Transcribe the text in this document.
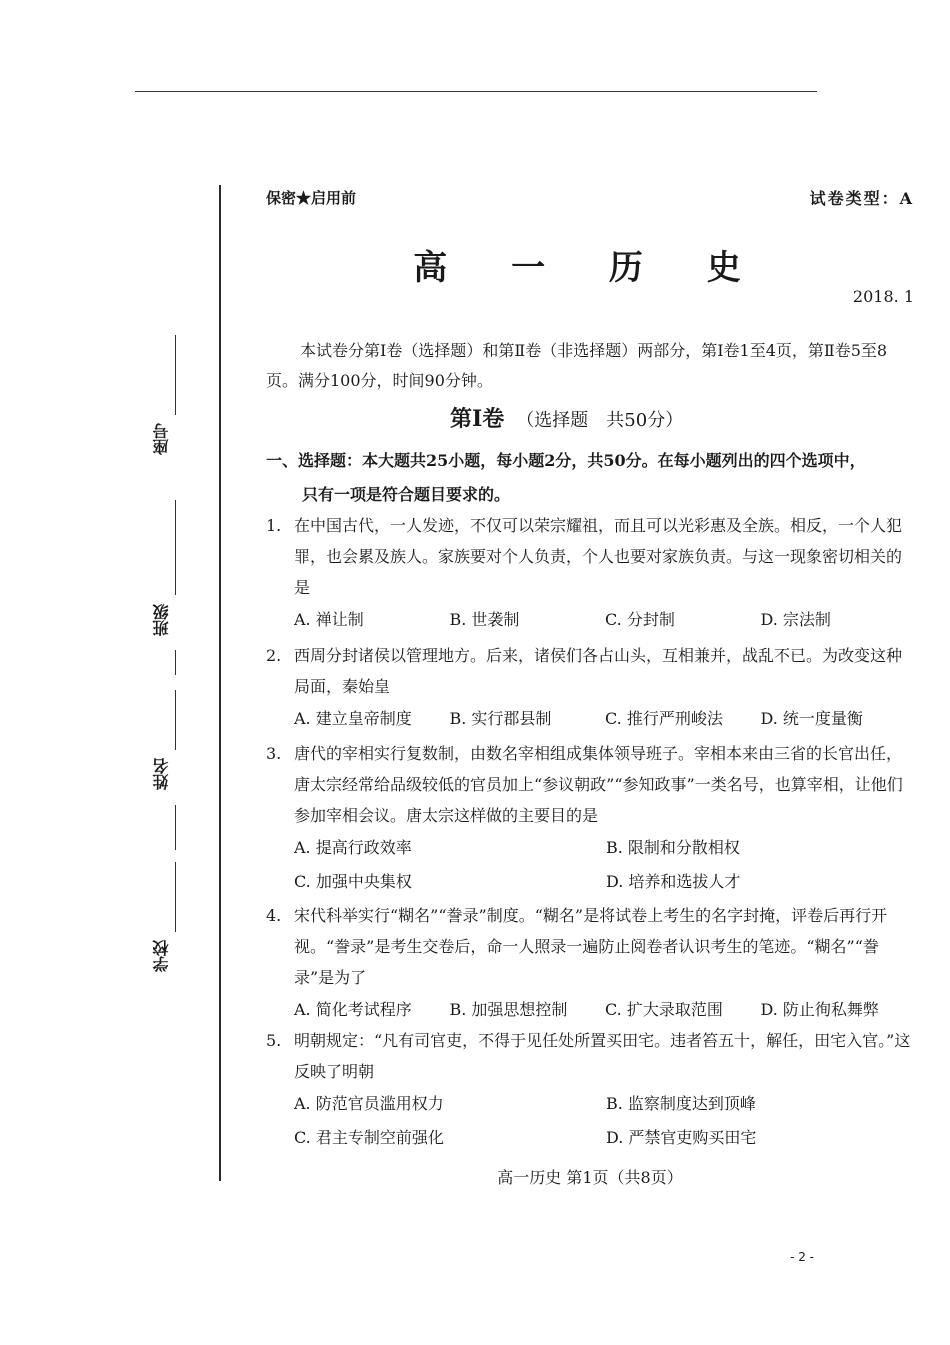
座号
班级
姓名
学校
保密★启用前	试卷类型：A
高 一 历 史
2018. 1
本试卷分第Ⅰ卷（选择题）和第Ⅱ卷（非选择题）两部分，第Ⅰ卷1至4页，第Ⅱ卷5至8页。满分100分，时间90分钟。
第Ⅰ卷 （选择题　共50分）
一、选择题：本大题共25小题，每小题2分，共50分。在每小题列出的四个选项中，
只有一项是符合题目要求的。
1. 在中国古代，一人发迹，不仅可以荣宗耀祖，而且可以光彩惠及全族。相反，一个人犯罪，也会累及族人。家族要对个人负责，个人也要对家族负责。与这一现象密切相关的是
A. 禅让制	B. 世袭制	C. 分封制	D. 宗法制
2. 西周分封诸侯以管理地方。后来，诸侯们各占山头，互相兼并，战乱不已。为改变这种局面，秦始皇
A. 建立皇帝制度	B. 实行郡县制	C. 推行严刑峻法	D. 统一度量衡
3. 唐代的宰相实行复数制，由数名宰相组成集体领导班子。宰相本来由三省的长官出任，唐太宗经常给品级较低的官员加上“参议朝政”“参知政事”一类名号，也算宰相，让他们参加宰相会议。唐太宗这样做的主要目的是
A. 提高行政效率	B. 限制和分散相权
C. 加强中央集权	D. 培养和选拔人才
4. 宋代科举实行“糊名”“誊录”制度。“糊名”是将试卷上考生的名字封掩，评卷后再行开视。“誊录”是考生交卷后，命一人照录一遍防止阅卷者认识考生的笔迹。“糊名”“誊录”是为了
A. 简化考试程序	B. 加强思想控制	C. 扩大录取范围	D. 防止徇私舞弊
5. 明朝规定：“凡有司官吏，不得于见任处所置买田宅。违者笞五十，解任，田宅入官。”这反映了明朝
A. 防范官员滥用权力	B. 监察制度达到顶峰
C. 君主专制空前强化	D. 严禁官吏购买田宅
高一历史 第1页（共8页）
- 2 -
